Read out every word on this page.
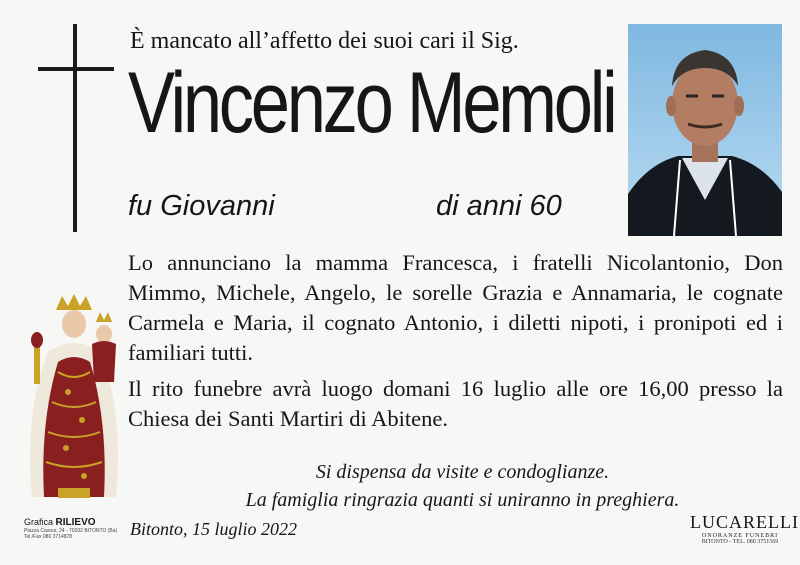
È mancato all’affetto dei suoi cari il Sig.
Vincenzo Memoli
fu Giovanni	di anni 60

Lo annunciano la mamma Francesca, i fratelli Nicolantonio, Don Mimmo, Michele, Angelo, le sorelle Grazia e Annamaria, le cognate Carmela e Maria, il cognato Antonio, i diletti nipoti, i pronipoti ed i familiari tutti.

Il rito funebre avrà luogo domani 16 luglio alle ore 16,00 presso la Chiesa dei Santi Martiri di Abitene.

Si dispensa da visite e condoglianze.
La famiglia ringrazia quanti si uniranno in preghiera.
Bitonto, 15 luglio 2022
Grafica RILIEVO
Piazza Cavour, 24 - 70032 BITONTO (Ba)
Tel./Fax 080 3714878
LUCARELLI
ONORANZE FUNEBRI
BITONTO - TEL. 080 3751569
